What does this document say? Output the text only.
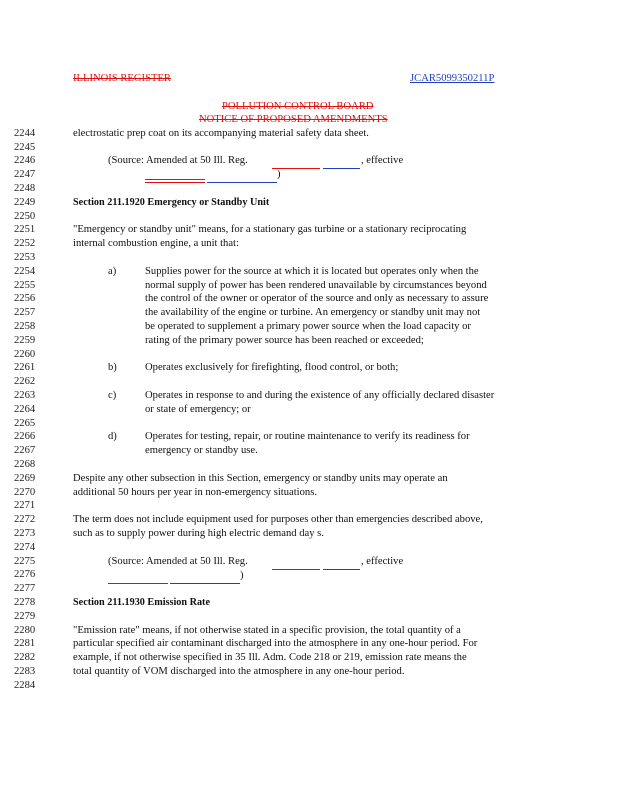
ILLINOIS REGISTER	JCAR5099350211P
POLLUTION CONTROL BOARD
NOTICE OF PROPOSED AMENDMENTS
2244
2245
2246
2247
2248
2249
2250
2251
2252
2253
2254
2255
2256
2257
2258
2259
2260
2261
2262
2263
2264
2265
2266
2267
2268
2269
2270
2271
2272
2273
2274
2275
2276
2277
2278
2279
2280
2281
2282
2283
2284
electrostatic prep coat on its accompanying material safety data sheet.
(Source: Amended at 50 Ill. Reg.	, effective
)
Section 211.1920 Emergency or Standby Unit
"Emergency or standby unit" means, for a stationary gas turbine or a stationary reciprocating
internal combustion engine, a unit that:
a)	Supplies power for the source at which it is located but operates only when the
normal supply of power has been rendered unavailable by circumstances beyond
the control of the owner or operator of the source and only as necessary to assure
the availability of the engine or turbine. An emergency or standby unit may not
be operated to supplement a primary power source when the load capacity or
rating of the primary power source has been reached or exceeded;
b)	Operates exclusively for firefighting, flood control, or both;
c)	Operates in response to and during the existence of any officially declared disaster
or state of emergency; or
d)	Operates for testing, repair, or routine maintenance to verify its readiness for
emergency or standby use.
Despite any other subsection in this Section, emergency or standby units may operate an
additional 50 hours per year in non-emergency situations.
The term does not include equipment used for purposes other than emergencies described above,
such as to supply power during high electric demand day s.
(Source: Amended at 50 Ill. Reg.	, effective
)
Section 211.1930 Emission Rate
"Emission rate" means, if not otherwise stated in a specific provision, the total quantity of a
particular specified air contaminant discharged into the atmosphere in any one-hour period. For
example, if not otherwise specified in 35 Ill. Adm. Code 218 or 219, emission rate means the
total quantity of VOM discharged into the atmosphere in any one-hour period.
